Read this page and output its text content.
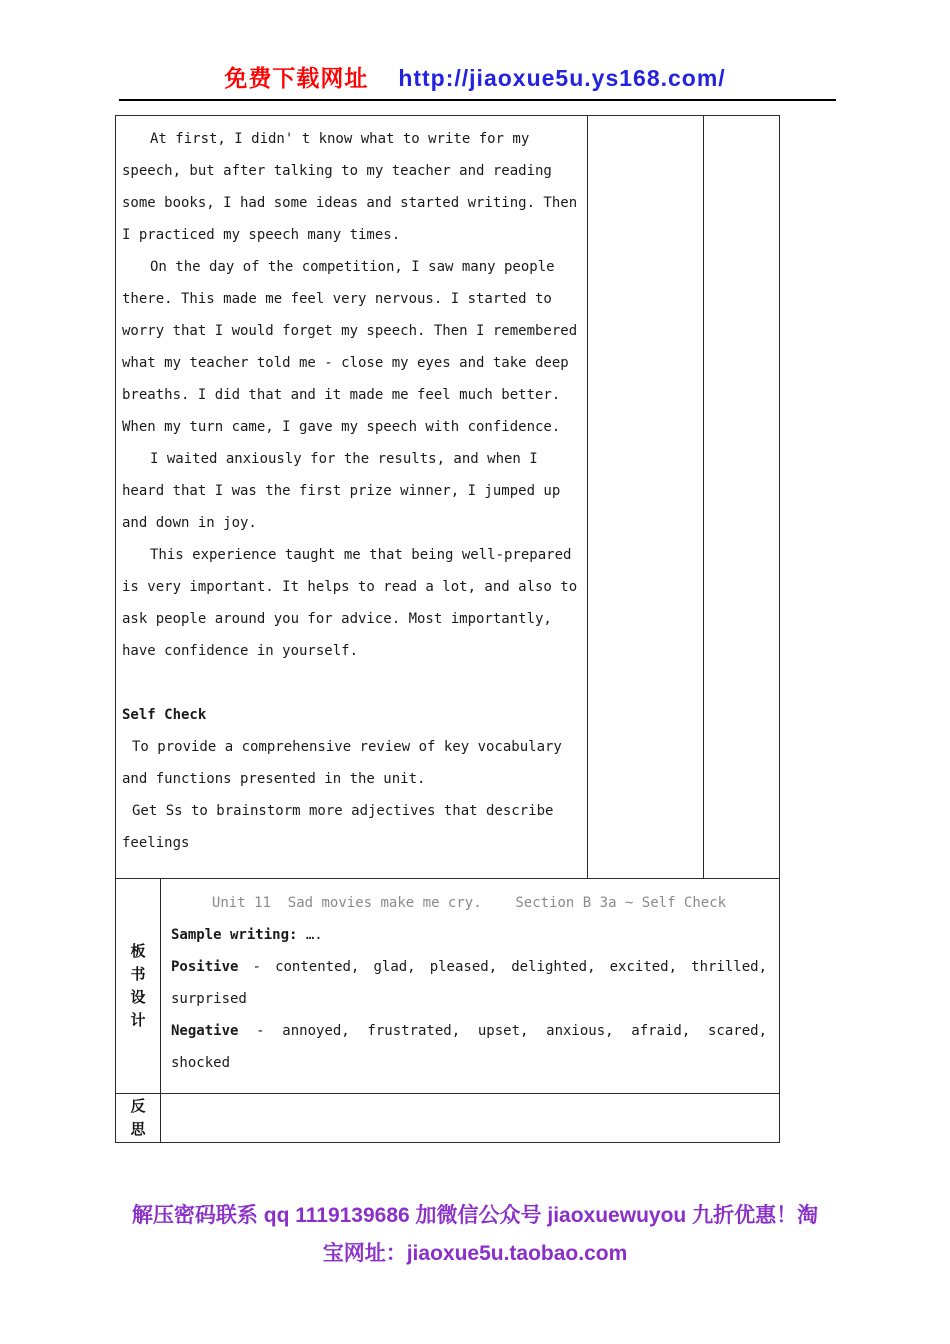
免费下载网址 http://jiaoxue5u.ys168.com/

At first, I didn' t know what to write for my speech, but after talking to my teacher and reading some books, I had some ideas and started writing. Then I practiced my speech many times.

On the day of the competition, I saw many people there. This made me feel very nervous. I started to worry that I would forget my speech. Then I remembered what my teacher told me - close my eyes and take deep breaths. I did that and it made me feel much better. When my turn came, I gave my speech with confidence.

I waited anxiously for the results, and when I heard that I was the first prize winner, I jumped up and down in joy.

This experience taught me that being well-prepared is very important. It helps to read a lot, and also to ask people around you for advice. Most importantly, have confidence in yourself.

Self Check

To provide a comprehensive review of key vocabulary and functions presented in the unit.

Get Ss to brainstorm more adjectives that describe feelings

板书设计
Unit 11  Sad movies make me cry.    Section B 3a ~ Self Check
Sample writing: ….
Positive - contented, glad, pleased, delighted, excited, thrilled, surprised
Negative - annoyed, frustrated, upset, anxious, afraid, scared, shocked
反思
解压密码联系 qq 1119139686 加微信公众号 jiaoxuewuyou 九折优惠！淘
宝网址：jiaoxue5u.taobao.com
